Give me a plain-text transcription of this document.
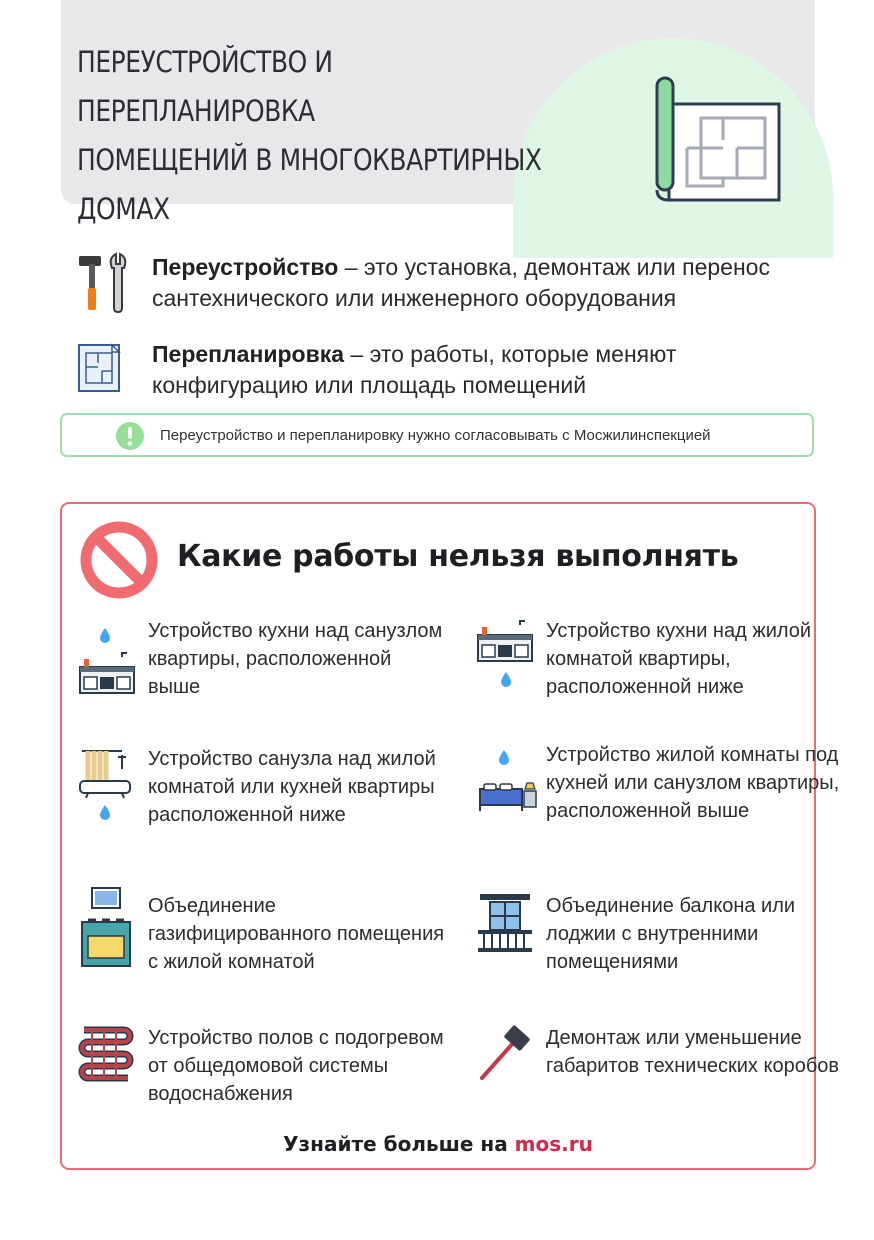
ПЕРЕУСТРОЙСТВО И ПЕРЕПЛАНИРОВКА
ПОМЕЩЕНИЙ В МНОГОКВАРТИРНЫХ
ДОМАХ
Переустройство – это установка, демонтаж или перенос сантехнического или инженерного оборудования
Перепланировка – это работы, которые меняют конфигурацию или площадь помещений
Переустройство и перепланировку нужно согласовывать с Мосжилинспекцией
Какие работы нельзя выполнять
Устройство кухни над санузлом квартиры, расположенной выше
Устройство кухни над жилой комнатой квартиры, расположенной ниже
Устройство санузла над жилой комнатой или кухней квартиры расположенной ниже
Устройство жилой комнаты под кухней или санузлом квартиры, расположенной выше
Объединение газифицированного помещения с жилой комнатой
Объединение балкона или лоджии с внутренними помещениями
Устройство полов с подогревом от общедомовой системы водоснабжения
Демонтаж или уменьшение габаритов технических коробов
Узнайте больше на mos.ru
